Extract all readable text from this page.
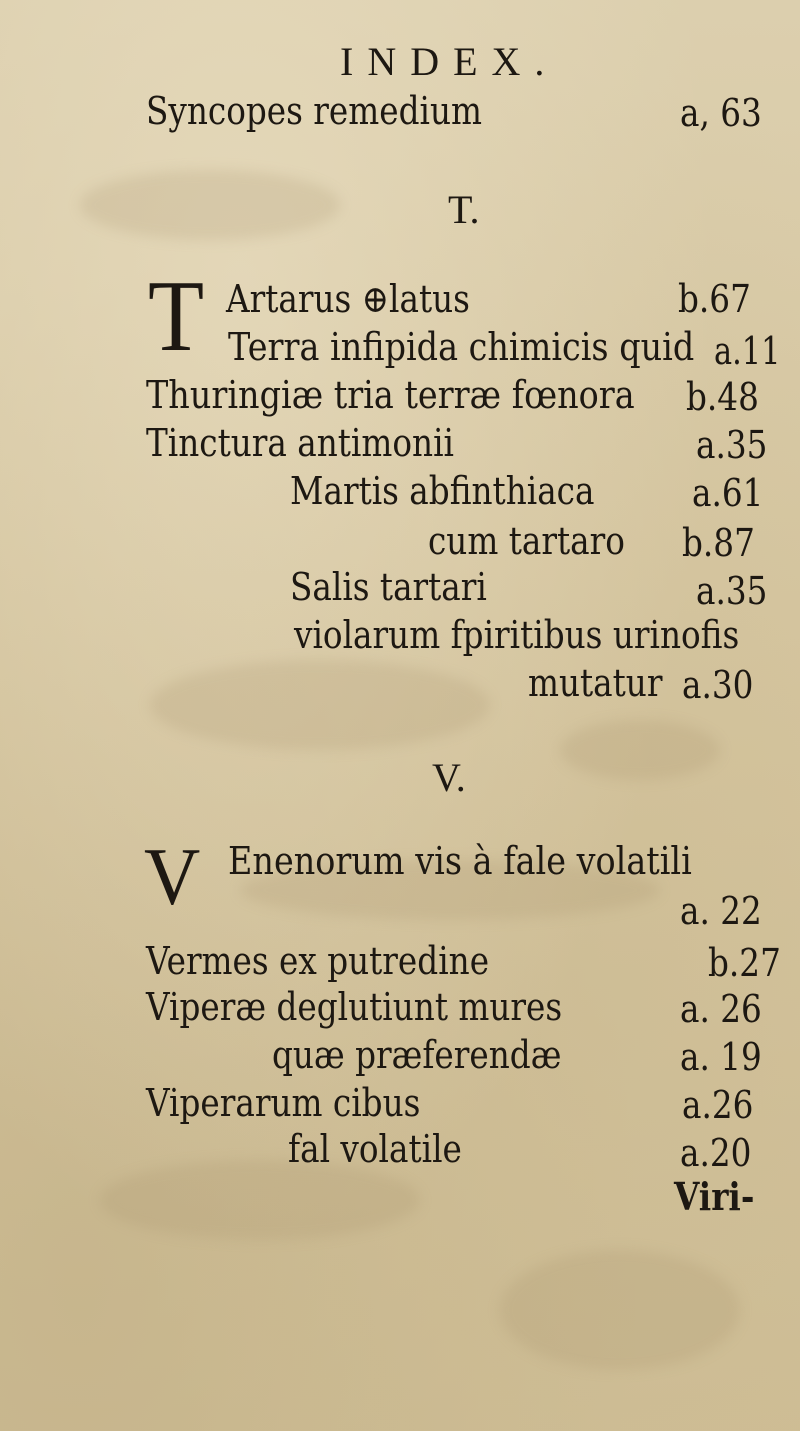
INDEX.
Syncopes remedium	a, 63
T.
T Artarus ⊕latus	b.67
Terra infipida chimicis quid a.11
Thuringiæ tria terræ fœnora b.48
Tinctura antimonii	a.35
Martis abfinthiaca	a.61
cum tartaro b.87
Salis tartari	a.35
violarum fpiritibus urinofis
mutatur a.30
V.
V Enenorum vis à fale volatili
a. 22
Vermes ex putredine	b.27
Viperæ deglutiunt mures	a. 26
quæ præferendæ	a. 19
Viperarum cibus	a.26
fal volatile	a.20
Viri-
